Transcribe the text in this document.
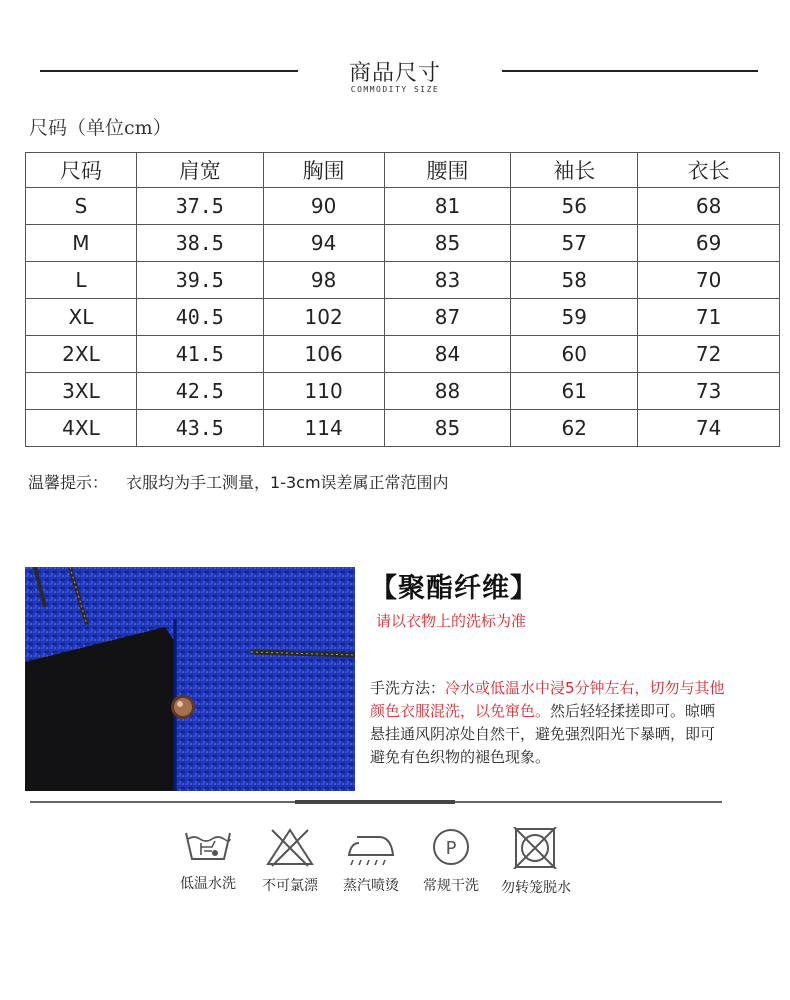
商品尺寸
COMMODITY SIZE
尺码（单位cm）
尺码	肩宽	胸围	腰围	袖长	衣长
S	37.5	90	81	56	68
M	38.5	94	85	57	69
L	39.5	98	83	58	70
XL	40.5	102	87	59	71
2XL	41.5	106	84	60	72
3XL	42.5	110	88	61	73
4XL	43.5	114	85	62	74
温馨提示： 衣服均为手工测量，1-3cm误差属正常范围内
【聚酯纤维】
请以衣物上的洗标为准
手洗方法：冷水或低温水中浸5分钟左右，切勿与其他颜色衣服混洗，以免窜色。然后轻轻揉搓即可。晾晒悬挂通风阴凉处自然干，避免强烈阳光下暴晒，即可避免有色织物的褪色现象。
低温水洗	不可氯漂	蒸汽喷烫
P
常规干洗	勿转笼脱水
